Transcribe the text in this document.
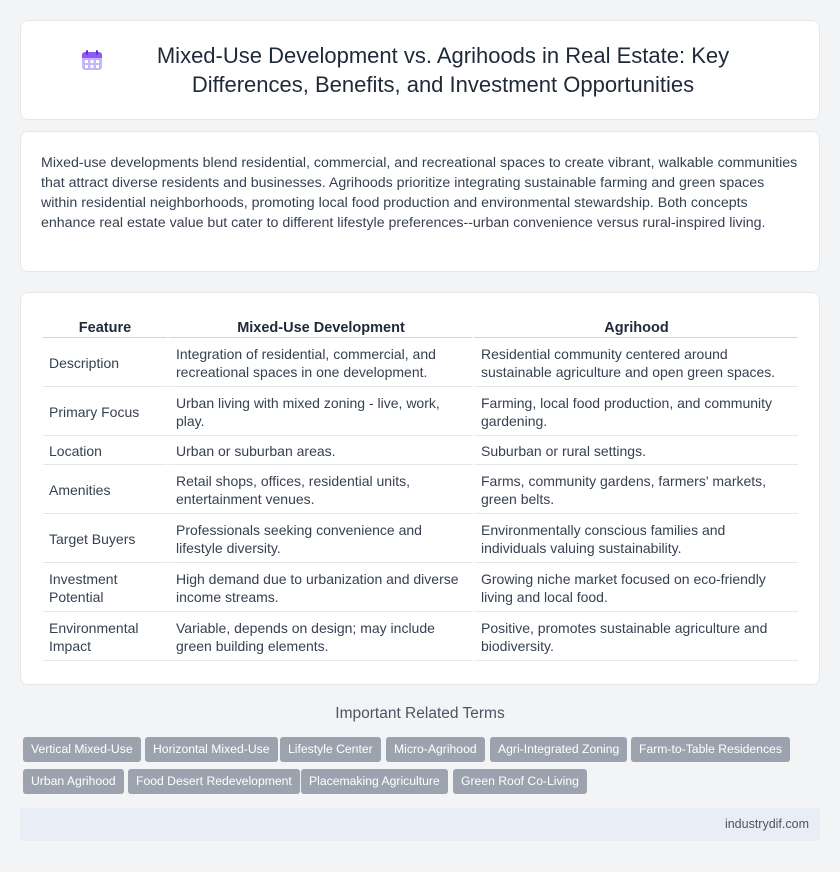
Mixed-Use Development vs. Agrihoods in Real Estate: Key Differences, Benefits, and Investment Opportunities

Mixed-use developments blend residential, commercial, and recreational spaces to create vibrant, walkable communities that attract diverse residents and businesses. Agrihoods prioritize integrating sustainable farming and green spaces within residential neighborhoods, promoting local food production and environmental stewardship. Both concepts enhance real estate value but cater to different lifestyle preferences--urban convenience versus rural-inspired living.

Feature	Mixed-Use Development	Agrihood
Description	Integration of residential, commercial, and recreational spaces in one development.	Residential community centered around sustainable agriculture and open green spaces.
Primary Focus	Urban living with mixed zoning - live, work, play.	Farming, local food production, and community gardening.
Location	Urban or suburban areas.	Suburban or rural settings.
Amenities	Retail shops, offices, residential units, entertainment venues.	Farms, community gardens, farmers' markets, green belts.
Target Buyers	Professionals seeking convenience and lifestyle diversity.	Environmentally conscious families and individuals valuing sustainability.
Investment Potential	High demand due to urbanization and diverse income streams.	Growing niche market focused on eco-friendly living and local food.
Environmental Impact	Variable, depends on design; may include green building elements.	Positive, promotes sustainable agriculture and biodiversity.
Important Related Terms
Vertical Mixed-Use	Horizontal Mixed-Use	Lifestyle Center	Micro-Agrihood	Agri-Integrated Zoning	Farm-to-Table Residences
Urban Agrihood	Food Desert Redevelopment	Placemaking Agriculture	Green Roof Co-Living
industrydif.com
